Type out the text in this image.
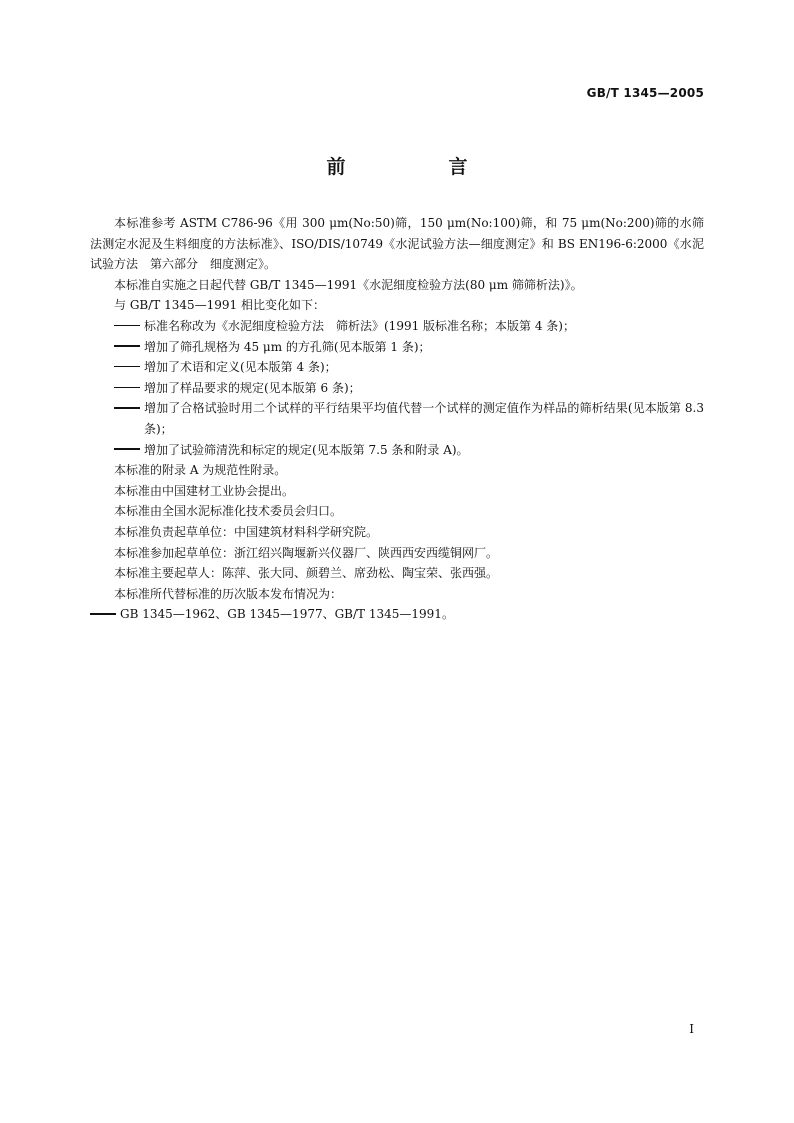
GB/T 1345—2005
前　言

本标准参考 ASTM C786-96《用 300 μm(No:50)筛，150 μm(No:100)筛，和 75 μm(No:200)筛的水筛法测定水泥及生料细度的方法标准》、ISO/DIS/10749《水泥试验方法—细度测定》和 BS EN196-6:2000《水泥试验方法　第六部分　细度测定》。

本标准自实施之日起代替 GB/T 1345—1991《水泥细度检验方法(80 μm 筛筛析法)》。

与 GB/T 1345—1991 相比变化如下：

标准名称改为《水泥细度检验方法　筛析法》(1991 版标准名称；本版第 4 条)；

增加了筛孔规格为 45 μm 的方孔筛(见本版第 1 条)；

增加了术语和定义(见本版第 4 条)；

增加了样品要求的规定(见本版第 6 条)；

增加了合格试验时用二个试样的平行结果平均值代替一个试样的测定值作为样品的筛析结果(见本版第 8.3 条)；

增加了试验筛清洗和标定的规定(见本版第 7.5 条和附录 A)。

本标准的附录 A 为规范性附录。

本标准由中国建材工业协会提出。

本标准由全国水泥标准化技术委员会归口。

本标准负责起草单位：中国建筑材料科学研究院。

本标准参加起草单位：浙江绍兴陶堰新兴仪器厂、陕西西安西缆铜网厂。

本标准主要起草人：陈萍、张大同、颜碧兰、席劲松、陶宝荣、张西强。

本标准所代替标准的历次版本发布情况为：

GB 1345—1962、GB 1345—1977、GB/T 1345—1991。

I
